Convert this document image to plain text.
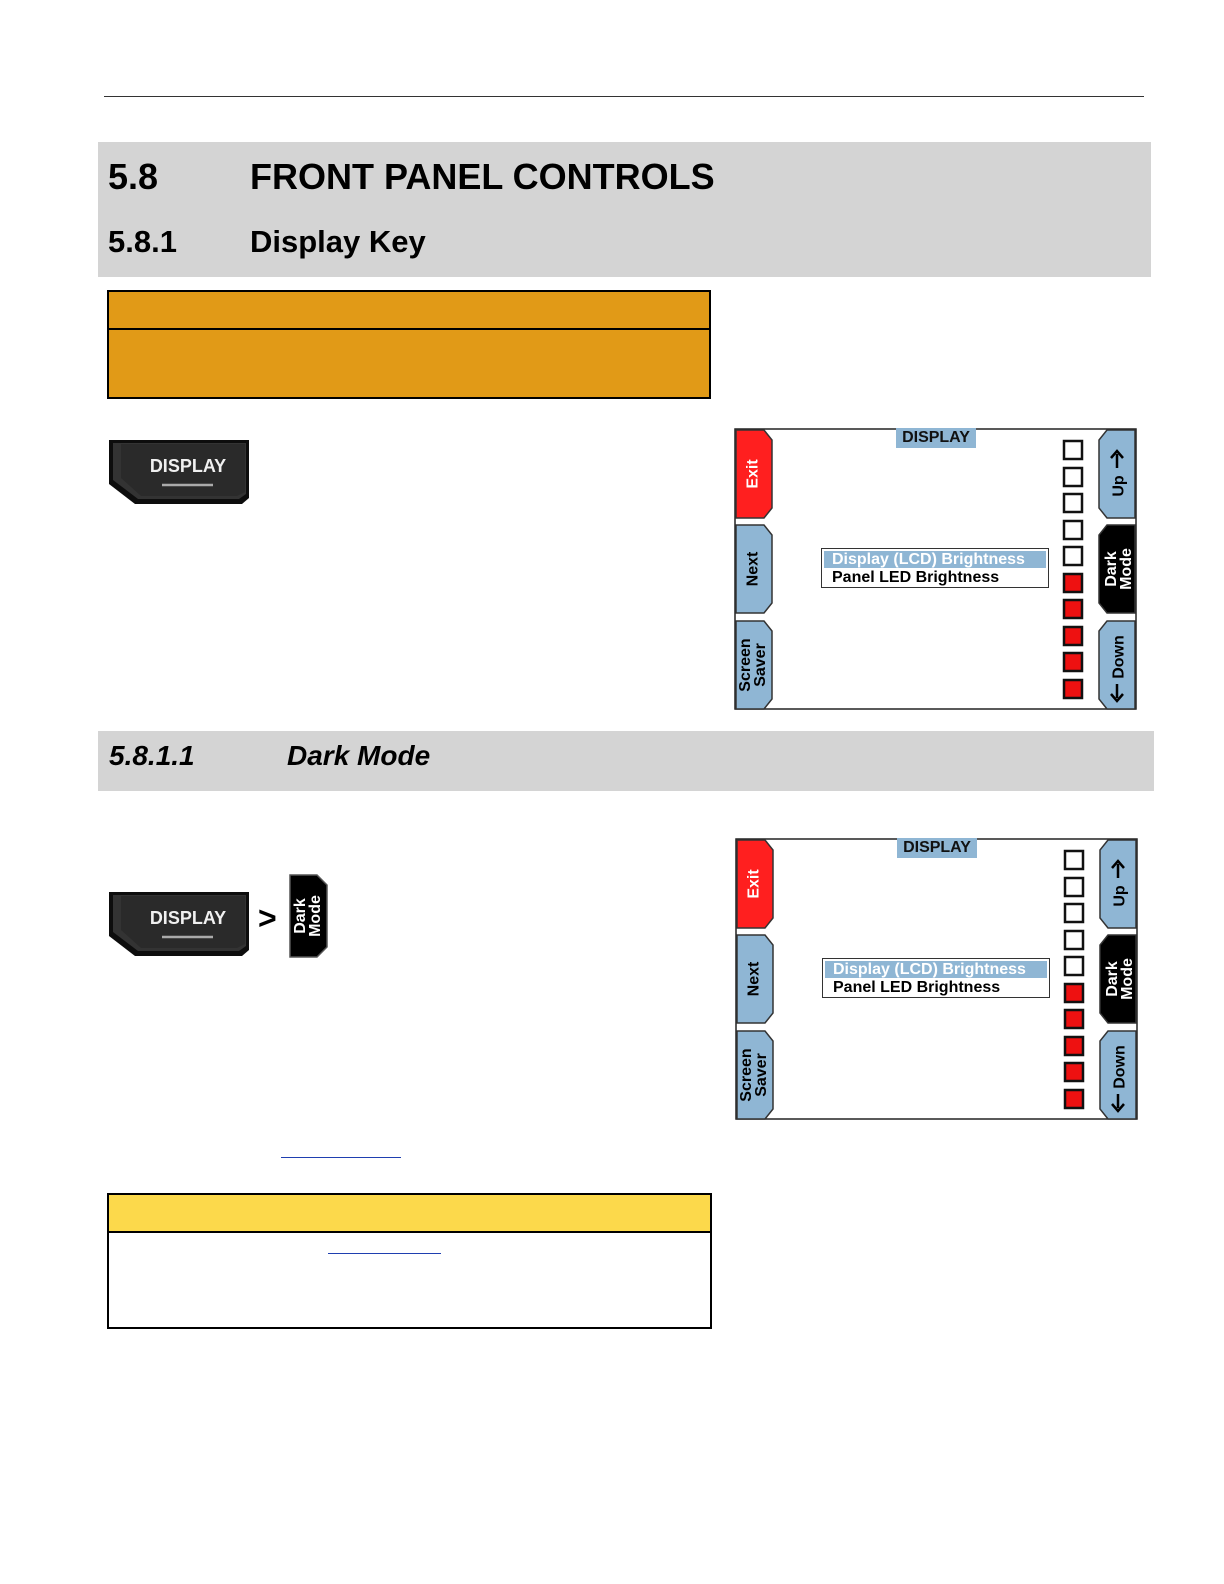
5.8	FRONT PANEL CONTROLS
5.8.1 Display Key
DISPLAY
DISPLAY
Exit
Next
Screen Saver
Up
Dark Mode
Down
Display (LCD) Brightness
Panel LED Brightness
5.8.1.1	Dark Mode
DISPLAY > Dark Mode
DISPLAY
Exit
Next
Screen Saver
Up
Dark Mode
Down
Display (LCD) Brightness
Panel LED Brightness
